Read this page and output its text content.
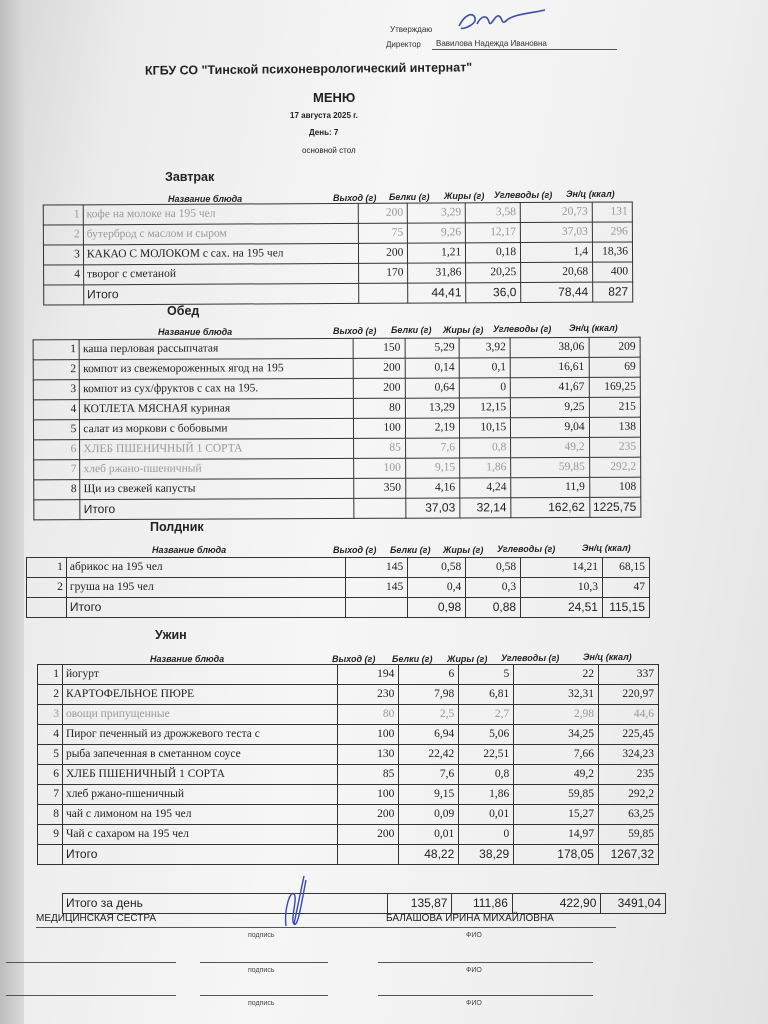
Утверждаю
Директор Вавилова Надежда Ивановна
КГБУ СО "Тинской психоневрологический интернат"
МЕНЮ
17 августа 2025 г.
День: 7
основной стол
Завтрак
Название блюда	Выход (г) Белки (г) Жиры (г) Углеводы (г) Эн/ц (ккал)
1	кофе на молоке на 195 чел	200	3,29	3,58	20,73	131
2	бутерброд с маслом и сыром	75	9,26	12,17	37,03	296
3	КАКАО С МОЛОКОМ с сах. на 195 чел	200	1,21	0,18	1,4	18,36
4	творог с сметаной	170	31,86	20,25	20,68	400
	Итого		44,41	36,0	78,44	827
Обед
Название блюда	Выход (г) Белки (г) Жиры (г) Углеводы (г) Эн/ц (ккал)
1	каша перловая рассыпчатая	150	5,29	3,92	38,06	209
2	компот из свежемороженных ягод на 195	200	0,14	0,1	16,61	69
3	компот из сух/фруктов с сах на 195.	200	0,64	0	41,67	169,25
4	КОТЛЕТА МЯСНАЯ куриная	80	13,29	12,15	9,25	215
5	салат из моркови с бобовыми	100	2,19	10,15	9,04	138
6	ХЛЕБ ПШЕНИЧНЫЙ 1 СОРТА	85	7,6	0,8	49,2	235
7	хлеб ржано-пшеничный	100	9,15	1,86	59,85	292,2
8	Щи из свежей капусты	350	4,16	4,24	11,9	108
	Итого		37,03	32,14	162,62	1225,75
Полдник
Название блюда	Выход (г) Белки (г) Жиры (г) Углеводы (г)	Эн/ц (ккал)
1	абрикос на 195 чел	145	0,58	0,58	14,21	68,15
2	груша на 195 чел	145	0,4	0,3	10,3	47
	Итого		0,98	0,88	24,51	115,15
Ужин
Название блюда	Выход (г) Белки (г) Жиры (г) Углеводы (г)	Эн/ц (ккал)
1	йогурт	194	6	5	22	337
2	КАРТОФЕЛЬНОЕ ПЮРЕ	230	7,98	6,81	32,31	220,97
3	овощи припущенные	80	2,5	2,7	2,98	44,6
4	Пирог печенный из дрожжевого теста с	100	6,94	5,06	34,25	225,45
5	рыба запеченная в сметанном соусе	130	22,42	22,51	7,66	324,23
6	ХЛЕБ ПШЕНИЧНЫЙ 1 СОРТА	85	7,6	0,8	49,2	235
7	хлеб ржано-пшеничный	100	9,15	1,86	59,85	292,2
8	чай с лимоном на 195 чел	200	0,09	0,01	15,27	63,25
9	Чай с сахаром на 195 чел	200	0,01	0	14,97	59,85
	Итого		48,22	38,29	178,05	1267,32
Итого за день	135,87	111,86	422,90	3491,04
МЕДИЦИНСКАЯ СЕСТРА	БАЛАШОВА ИРИНА МИХАЙЛОВНА
подпись	ФИО
подпись	ФИО
подпись	ФИО
